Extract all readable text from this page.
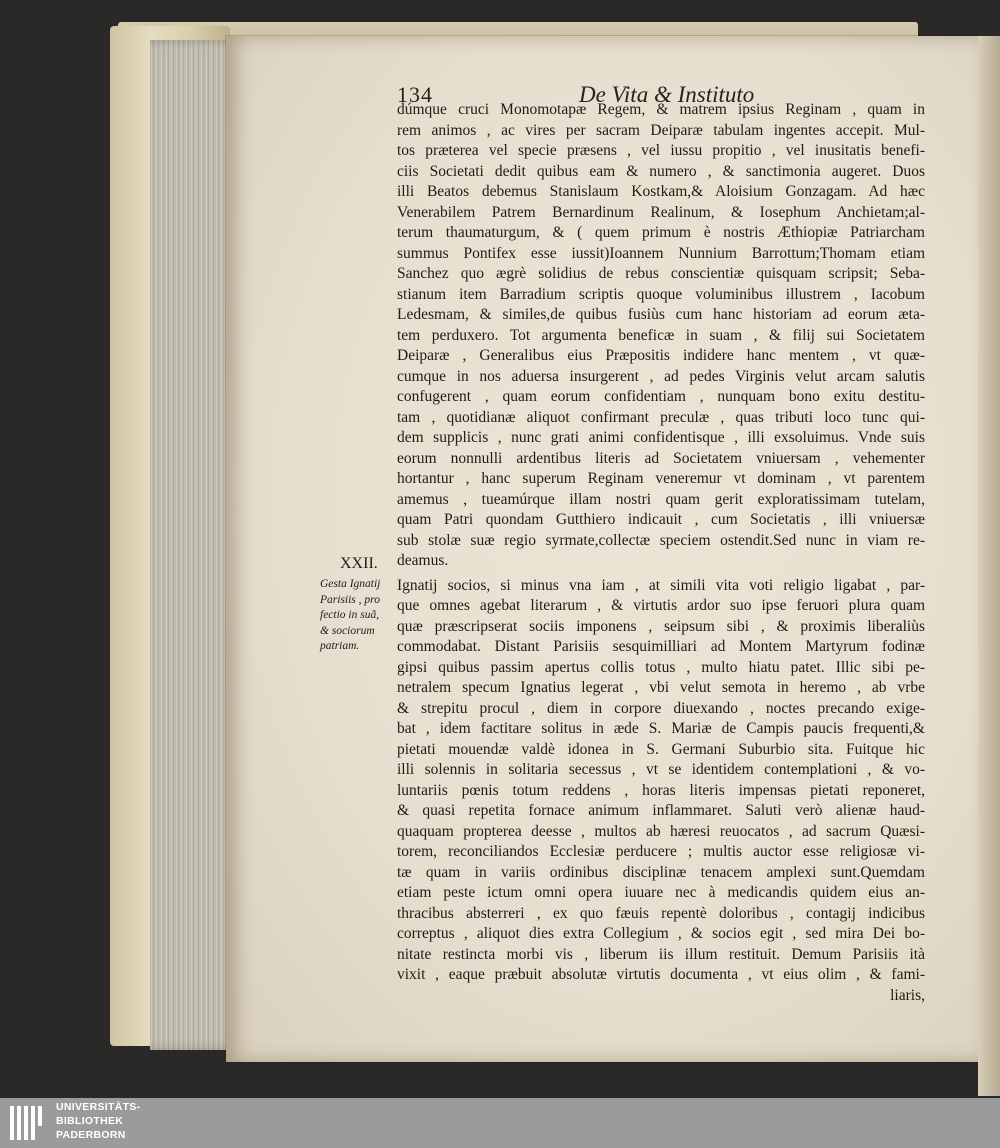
134	De Vita & Instituto
XXII.
Gesta Ignatij
Parisiis , pro
fectio in suã,
& sociorum
patriam.
dúmque cruci Monomotapæ Regem, & matrem ipsius Reginam , quam in
rem animos , ac vires per sacram Deiparæ tabulam ingentes accepit. Mul-
tos præterea vel specie præsens , vel iussu propitio , vel inusitatis benefi-
ciis Societati dedit quibus eam & numero , & sanctimonia augeret. Duos
illi Beatos debemus Stanislaum Kostkam,& Aloisium Gonzagam. Ad hæc
Venerabilem Patrem Bernardinum Realinum, & Iosephum Anchietam;al-
terum thaumaturgum, & ( quem primum è nostris Æthiopiæ Patriarcham
summus Pontifex esse iussit)Ioannem Nunnium Barrottum;Thomam etiam
Sanchez quo ægrè solidius de rebus conscientiæ quisquam scripsit; Seba-
stianum item Barradium scriptis quoque voluminibus illustrem , Iacobum
Ledesmam, & similes,de quibus fusiùs cum hanc historiam ad eorum æta-
tem perduxero. Tot argumenta beneficæ in suam , & filij sui Societatem
Deiparæ , Generalibus eius Præpositis indidere hanc mentem , vt quæ-
cumque in nos aduersa insurgerent , ad pedes Virginis velut arcam salutis
confugerent , quam eorum confidentiam , nunquam bono exitu destitu-
tam , quotidianæ aliquot confirmant preculæ , quas tributi loco tunc qui-
dem supplicis , nunc grati animi confidentisque , illi exsoluimus. Vnde suis
eorum nonnulli ardentibus literis ad Societatem vniuersam , vehementer
hortantur , hanc superum Reginam veneremur vt dominam , vt parentem
amemus , tueamúrque illam nostri quam gerit exploratissimam tutelam,
quam Patri quondam Gutthiero indicauit , cum Societatis , illi vniuersæ
sub stolæ suæ regio syrmate,collectæ speciem ostendit.Sed nunc in viam re-
deamus.
Ignatij socios, si minus vna iam , at simili vita voti religio ligabat , par-
que omnes agebat literarum , & virtutis ardor suo ipse feruori plura quam
quæ præscripserat sociis imponens , seipsum sibi , & proximis liberaliùs
commodabat. Distant Parisiis sesquimilliari ad Montem Martyrum fodinæ
gipsi quibus passim apertus collis totus , multo hiatu patet. Illic sibi pe-
netralem specum Ignatius legerat , vbi velut semota in heremo , ab vrbe
& strepitu procul , diem in corpore diuexando , noctes precando exige-
bat , idem factitare solitus in æde S. Mariæ de Campis paucis frequenti,&
pietati mouendæ valdè idonea in S. Germani Suburbio sita. Fuitque hic
illi solennis in solitaria secessus , vt se identidem contemplationi , & vo-
luntariis pœnis totum reddens , horas literis impensas pietati reponeret,
& quasi repetita fornace animum inflammaret. Saluti verò alienæ haud-
quaquam propterea deesse , multos ab hæresi reuocatos , ad sacrum Quæsi-
torem, reconciliandos Ecclesiæ perducere ; multis auctor esse religiosæ vi-
tæ quam in variis ordinibus disciplinæ tenacem amplexi sunt.Quemdam
etiam peste ictum omni opera iuuare nec à medicandis quidem eius an-
thracibus absterreri , ex quo fæuis repentè doloribus , contagij indicibus
correptus , aliquot dies extra Collegium , & socios egit , sed mira Dei bo-
nitate restincta morbi vis , liberum iis illum restituit. Demum Parisiis ità
vixit , eaque præbuit absolutæ virtutis documenta , vt eius olim , & fami-
liaris,
UNIVERSITÄTS-
BIBLIOTHEK
PADERBORN
